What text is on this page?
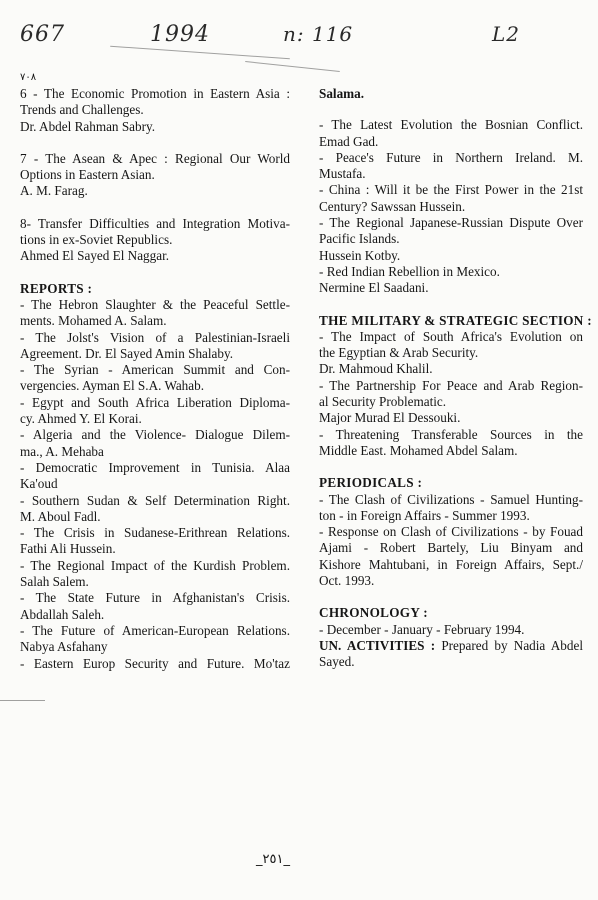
667	1994	n: 116	L2
٧٠٨
6 - The Economic Promotion in Eastern Asia :
Trends and Challenges.
Dr. Abdel Rahman Sabry.
7 - The Asean & Apec : Regional Our World
Options in Eastern Asian.
A. M. Farag.
8- Transfer Difficulties and Integration Motiva-
tions in ex-Soviet Republics.
Ahmed El Sayed El Naggar.
REPORTS :
- The Hebron Slaughter & the Peaceful Settle-
ments. Mohamed A. Salam.
- The Jolst's Vision of a Palestinian-Israeli
Agreement. Dr. El Sayed Amin Shalaby.
- The Syrian - American Summit and Con-
vergencies. Ayman El S.A. Wahab.
- Egypt and South Africa Liberation Diploma-
cy. Ahmed Y. El Korai.
- Algeria and the Violence- Dialogue Dilem-
ma., A. Mehaba
- Democratic Improvement in Tunisia. Alaa
Ka'oud
- Southern Sudan & Self Determination Right.
M. Aboul Fadl.
- The Crisis in Sudanese-Erithrean Relations.
Fathi Ali Hussein.
- The Regional Impact of the Kurdish Problem.
Salah Salem.
- The State Future in Afghanistan's Crisis.
Abdallah Saleh.
- The Future of American-European Relations.
Nabya Asfahany
- Eastern Europ Security and Future. Mo'taz
Salama.
- The Latest Evolution the Bosnian Conflict.
Emad Gad.
- Peace's Future in Northern Ireland. M.
Mustafa.
- China : Will it be the First Power in the 21st
Century? Sawssan Hussein.
- The Regional Japanese-Russian Dispute Over
Pacific Islands.
Hussein Kotby.
- Red Indian Rebellion in Mexico.
Nermine El Saadani.
THE MILITARY & STRATEGIC SECTION :
- The Impact of South Africa's Evolution on
the Egyptian & Arab Security.
Dr. Mahmoud Khalil.
- The Partnership For Peace and Arab Region-
al Security Problematic.
Major Murad El Dessouki.
- Threatening Transferable Sources in the
Middle East. Mohamed Abdel Salam.
PERIODICALS :
- The Clash of Civilizations - Samuel Hunting-
ton - in Foreign Affairs - Summer 1993.
- Response on Clash of Civilizations - by Fouad
Ajami - Robert Bartely, Liu Binyam and
Kishore Mahtubani, in Foreign Affairs, Sept./
Oct. 1993.
CHRONOLOGY :
- December - January - February 1994.
UN. ACTIVITIES : Prepared by Nadia Abdel
Sayed.
_٢٥١_
